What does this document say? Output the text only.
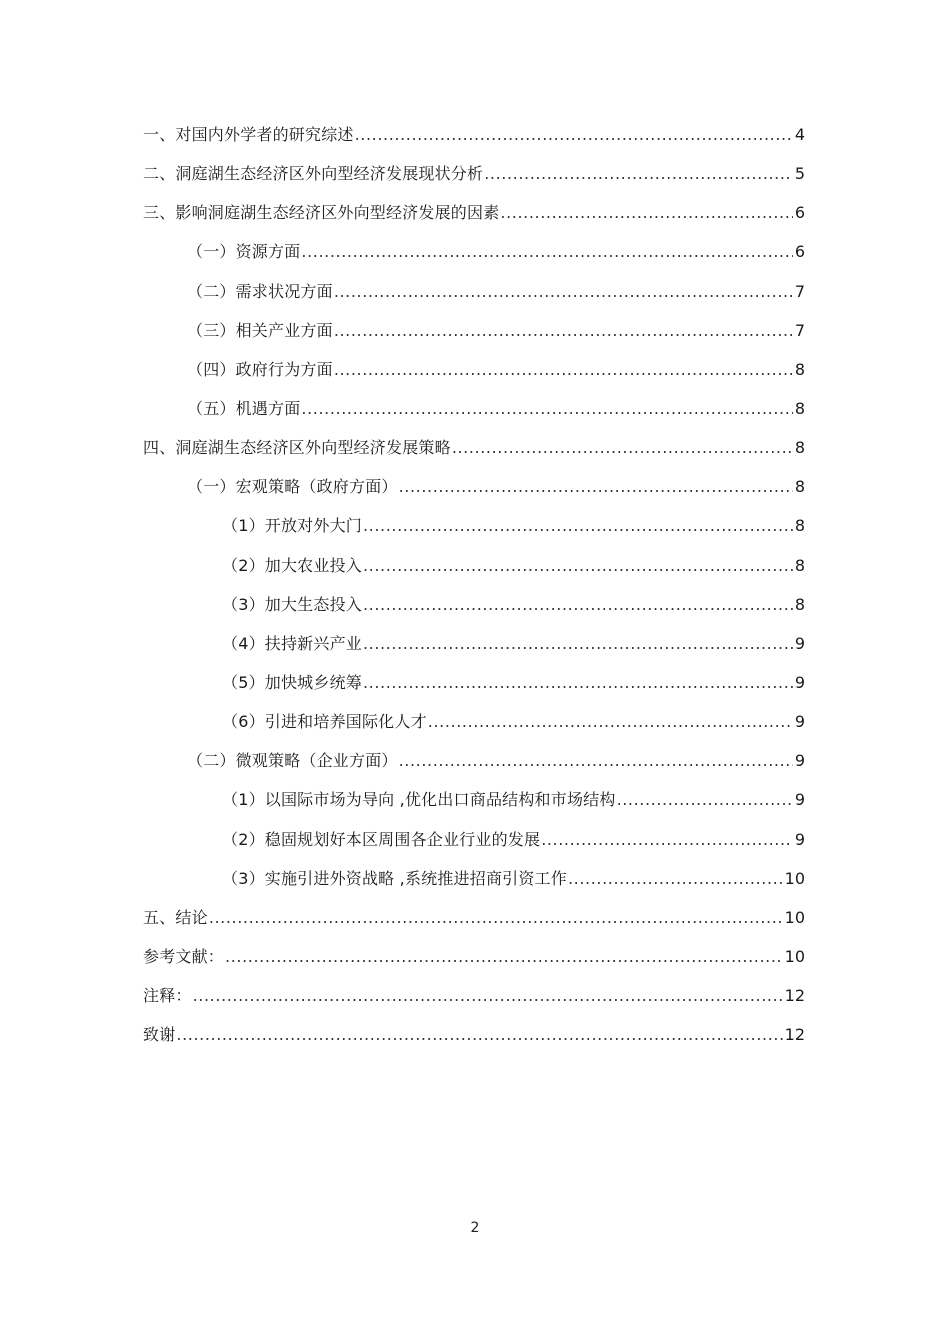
一、对国内外学者的研究综述 .....	4
二、洞庭湖生态经济区外向型经济发展现状分析 .....	5
三、影响洞庭湖生态经济区外向型经济发展的因素 .....	6
（一）资源方面 .....	6
（二）需求状况方面 .....	7
（三）相关产业方面 .....	7
（四）政府行为方面 .....	8
（五）机遇方面 .....	8
四、洞庭湖生态经济区外向型经济发展策略 .....	8
（一）宏观策略（政府方面） .....	8
（1）开放对外大门 .....	8
（2）加大农业投入 .....	8
（3）加大生态投入 .....	8
（4）扶持新兴产业 .....	9
（5）加快城乡统筹 .....	9
（6）引进和培养国际化人才 .....	9
（二）微观策略（企业方面） .....	9
（1）以国际市场为导向 ,优化出口商品结构和市场结构 .....	9
（2）稳固规划好本区周围各企业行业的发展 .....	9
（3）实施引进外资战略 ,系统推进招商引资工作 .....	10
五、结论 .....	10
参考文献： .....	10
注释： .....	12
致谢 .....	12
2
